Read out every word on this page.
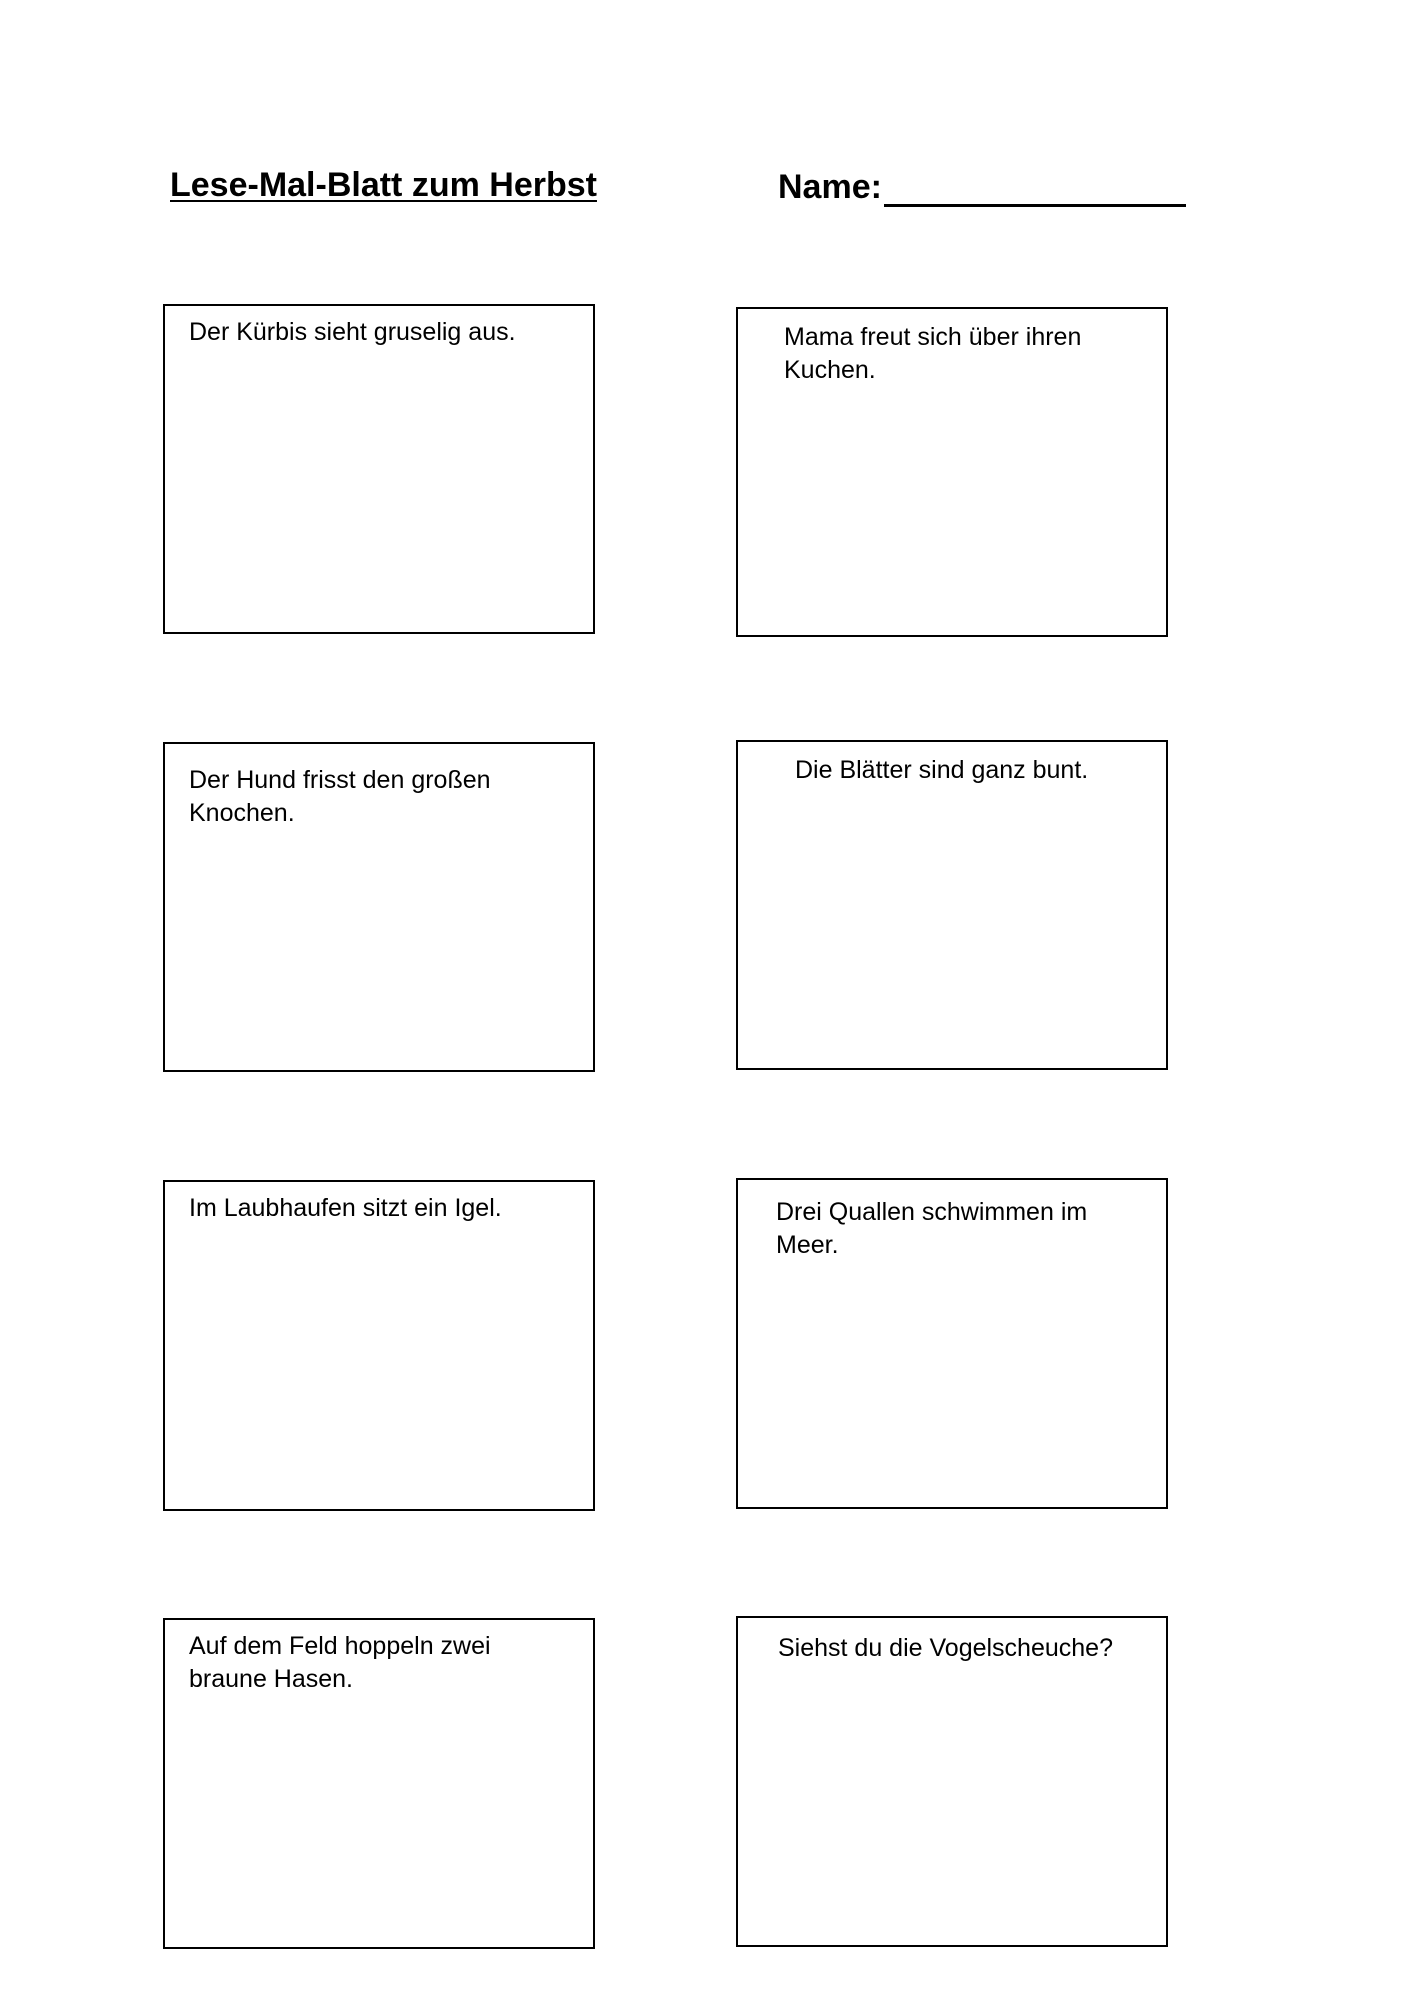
Lese-Mal-Blatt zum Herbst	Name:
Der Kürbis sieht gruselig aus.	Mama freut sich über ihren Kuchen.
Der Hund frisst den großen Knochen.
Die Blätter sind ganz bunt.
Im Laubhaufen sitzt ein Igel.	Drei Quallen schwimmen im Meer.
Auf dem Feld hoppeln zwei braune Hasen.
Siehst du die Vogelscheuche?
